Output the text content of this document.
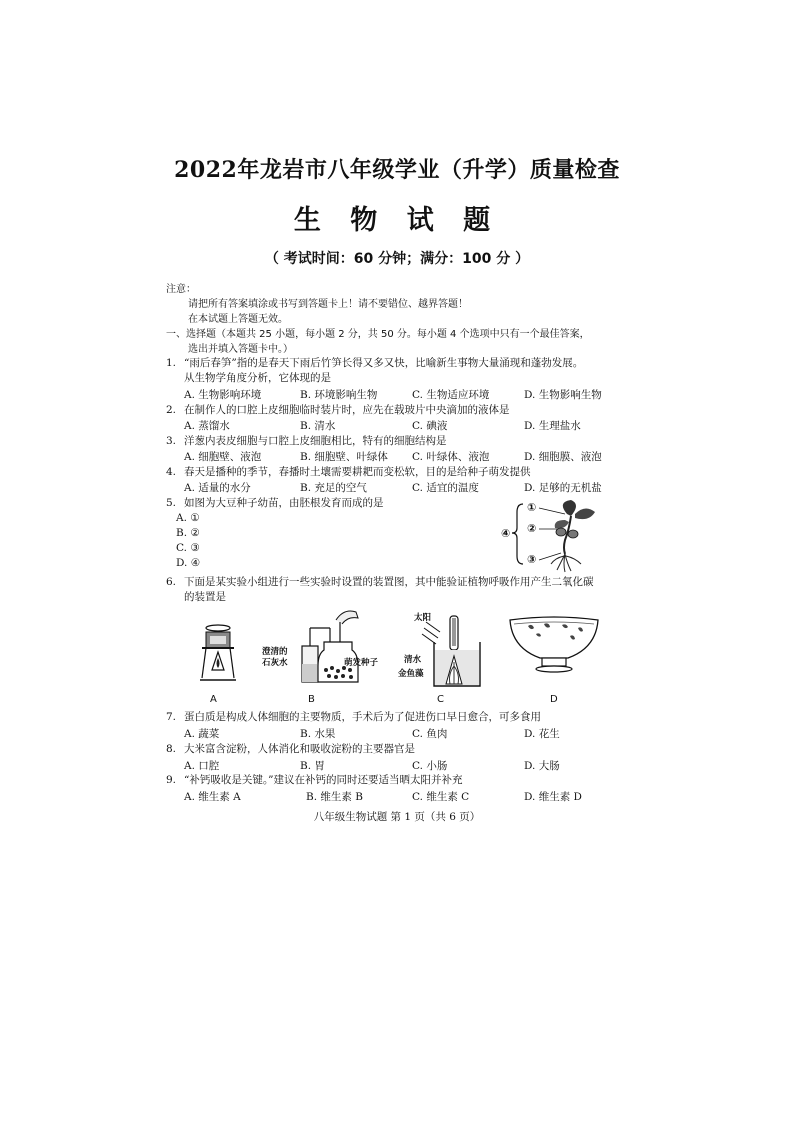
2022年龙岩市八年级学业（升学）质量检查
生 物 试 题
（ 考试时间：60 分钟；满分：100 分 ）
注意：
请把所有答案填涂或书写到答题卡上！请不要错位、越界答题！
在本试题上答题无效。
一、选择题（本题共 25 小题，每小题 2 分，共 50 分。每小题 4 个选项中只有一个最佳答案，
选出并填入答题卡中。）
1. “雨后春笋”指的是春天下雨后竹笋长得又多又快，比喻新生事物大量涌现和蓬勃发展。
从生物学角度分析，它体现的是
A. 生物影响环境	B. 环境影响生物	C. 生物适应环境	D. 生物影响生物
2. 在制作人的口腔上皮细胞临时装片时，应先在载玻片中央滴加的液体是
A. 蒸馏水	B. 清水	C. 碘液	D. 生理盐水
3. 洋葱内表皮细胞与口腔上皮细胞相比，特有的细胞结构是
A. 细胞壁、液泡	B. 细胞壁、叶绿体 C. 叶绿体、液泡	D. 细胞膜、液泡
4. 春天是播种的季节，春播时土壤需要耕耙而变松软，目的是给种子萌发提供
A. 适量的水分	B. 充足的空气	C. 适宜的温度	D. 足够的无机盐
5. 如图为大豆种子幼苗，由胚根发育而成的是
A. ①
B. ②
C. ③
D. ④
①
②
③
④
6. 下面是某实验小组进行一些实验时设置的装置图，其中能验证植物呼吸作用产生二氧化碳
的装置是
澄清的
石灰水	萌发种子
太阳
清水
金鱼藻
A	B	C	D
7. 蛋白质是构成人体细胞的主要物质，手术后为了促进伤口早日愈合，可多食用
A. 蔬菜	B. 水果	C. 鱼肉	D. 花生
8. 大米富含淀粉，人体消化和吸收淀粉的主要器官是
A. 口腔	B. 胃	C. 小肠	D. 大肠
9. “补钙吸收是关键。”建议在补钙的同时还要适当晒太阳并补充
A. 维生素 A	B. 维生素 B	C. 维生素 C	D. 维生素 D
八年级生物试题 第 1 页（共 6 页）
